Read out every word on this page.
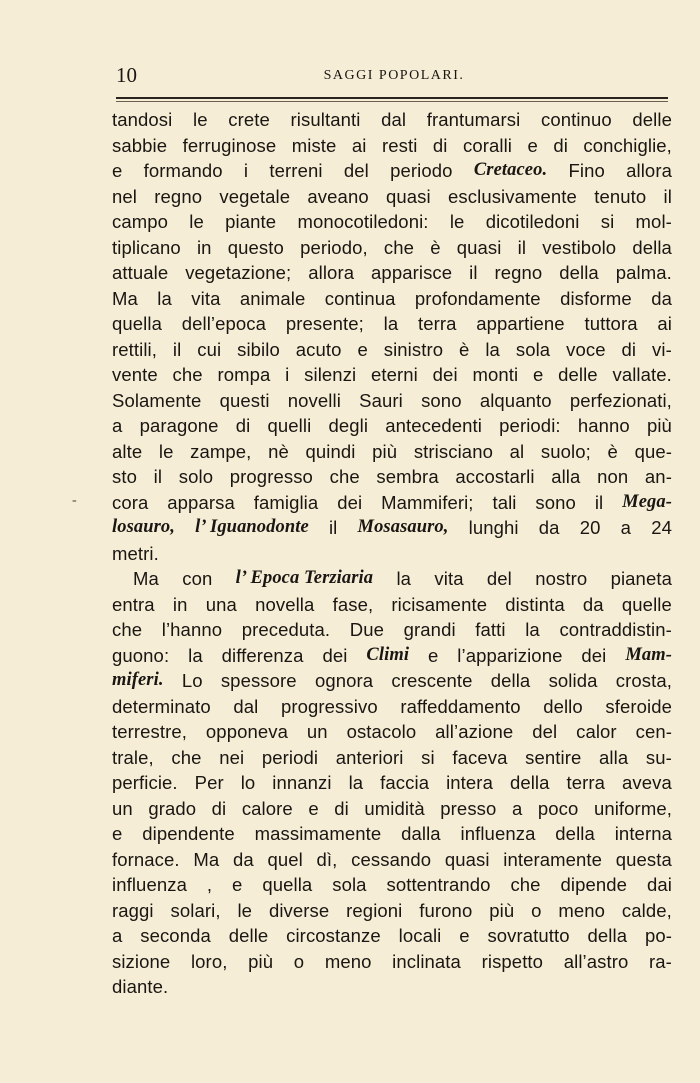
10	SAGGI POPOLARI.
-
tandosi le crete risultanti dal frantumarsi continuo delle
sabbie ferruginose miste ai resti di coralli e di conchiglie,
e formando i terreni del periodo Cretaceo. Fino allora
nel regno vegetale aveano quasi esclusivamente tenuto il
campo le piante monocotiledoni: le dicotiledoni si mol-
tiplicano in questo periodo, che è quasi il vestibolo della
attuale vegetazione; allora apparisce il regno della palma.
Ma la vita animale continua profondamente disforme da
quella dell’epoca presente; la terra appartiene tuttora ai
rettili, il cui sibilo acuto e sinistro è la sola voce di vi-
vente che rompa i silenzi eterni dei monti e delle vallate.
Solamente questi novelli Sauri sono alquanto perfezionati,
a paragone di quelli degli antecedenti periodi: hanno più
alte le zampe, nè quindi più strisciano al suolo; è que-
sto il solo progresso che sembra accostarli alla non an-
cora apparsa famiglia dei Mammiferi; tali sono il Mega-
losauro, l’ Iguanodonte il Mosasauro, lunghi da 20 a 24
metri.
Ma con l’ Epoca Terziaria la vita del nostro pianeta
entra in una novella fase, ricisamente distinta da quelle
che l’hanno preceduta. Due grandi fatti la contraddistin-
guono: la differenza dei Climi e l’apparizione dei Mam-
miferi. Lo spessore ognora crescente della solida crosta,
determinato dal progressivo raffeddamento dello sferoide
terrestre, opponeva un ostacolo all’azione del calor cen-
trale, che nei periodi anteriori si faceva sentire alla su-
perficie. Per lo innanzi la faccia intera della terra aveva
un grado di calore e di umidità presso a poco uniforme,
e dipendente massimamente dalla influenza della interna
fornace. Ma da quel dì, cessando quasi interamente questa
influenza , e quella sola sottentrando che dipende dai
raggi solari, le diverse regioni furono più o meno calde,
a seconda delle circostanze locali e sovratutto della po-
sizione loro, più o meno inclinata rispetto all’astro ra-
diante.
